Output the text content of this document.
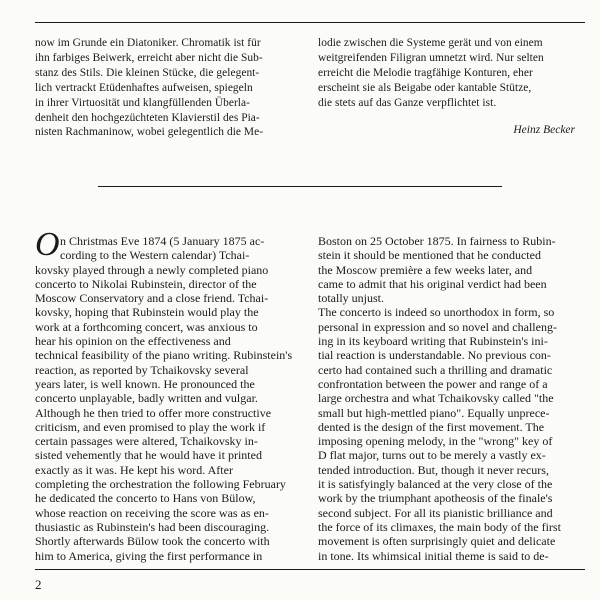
now im Grunde ein Diatoniker. Chromatik ist für
ihn farbiges Beiwerk, erreicht aber nicht die Sub-
stanz des Stils. Die kleinen Stücke, die gelegent-
lich vertrackt Etüdenhaftes aufweisen, spiegeln
in ihrer Virtuosität und klangfüllenden Überla-
denheit den hochgezüchteten Klavierstil des Pia-
nisten Rachmaninow, wobei gelegentlich die Me-
lodie zwischen die Systeme gerät und von einem
weitgreifenden Filigran umnetzt wird. Nur selten
erreicht die Melodie tragfähige Konturen, eher
erscheint sie als Beigabe oder kantable Stütze,
die stets auf das Ganze verpflichtet ist.
Heinz Becker
O n Christmas Eve 1874 (5 January 1875 ac-
cording to the Western calendar) Tchai-
kovsky played through a newly completed piano
concerto to Nikolai Rubinstein, director of the
Moscow Conservatory and a close friend. Tchai-
kovsky, hoping that Rubinstein would play the
work at a forthcoming concert, was anxious to
hear his opinion on the effectiveness and
technical feasibility of the piano writing. Rubinstein's
reaction, as reported by Tchaikovsky several
years later, is well known. He pronounced the
concerto unplayable, badly written and vulgar.
Although he then tried to offer more constructive
criticism, and even promised to play the work if
certain passages were altered, Tchaikovsky in-
sisted vehemently that he would have it printed
exactly as it was. He kept his word. After
completing the orchestration the following February
he dedicated the concerto to Hans von Bülow,
whose reaction on receiving the score was as en-
thusiastic as Rubinstein's had been discouraging.
Shortly afterwards Bülow took the concerto with
him to America, giving the first performance in
Boston on 25 October 1875. In fairness to Rubin-
stein it should be mentioned that he conducted
the Moscow première a few weeks later, and
came to admit that his original verdict had been
totally unjust.
The concerto is indeed so unorthodox in form, so
personal in expression and so novel and challeng-
ing in its keyboard writing that Rubinstein's ini-
tial reaction is understandable. No previous con-
certo had contained such a thrilling and dramatic
confrontation between the power and range of a
large orchestra and what Tchaikovsky called "the
small but high-mettled piano". Equally unprece-
dented is the design of the first movement. The
imposing opening melody, in the "wrong" key of
D flat major, turns out to be merely a vastly ex-
tended introduction. But, though it never recurs,
it is satisfyingly balanced at the very close of the
work by the triumphant apotheosis of the finale's
second subject. For all its pianistic brilliance and
the force of its climaxes, the main body of the first
movement is often surprisingly quiet and delicate
in tone. Its whimsical initial theme is said to de-
2
